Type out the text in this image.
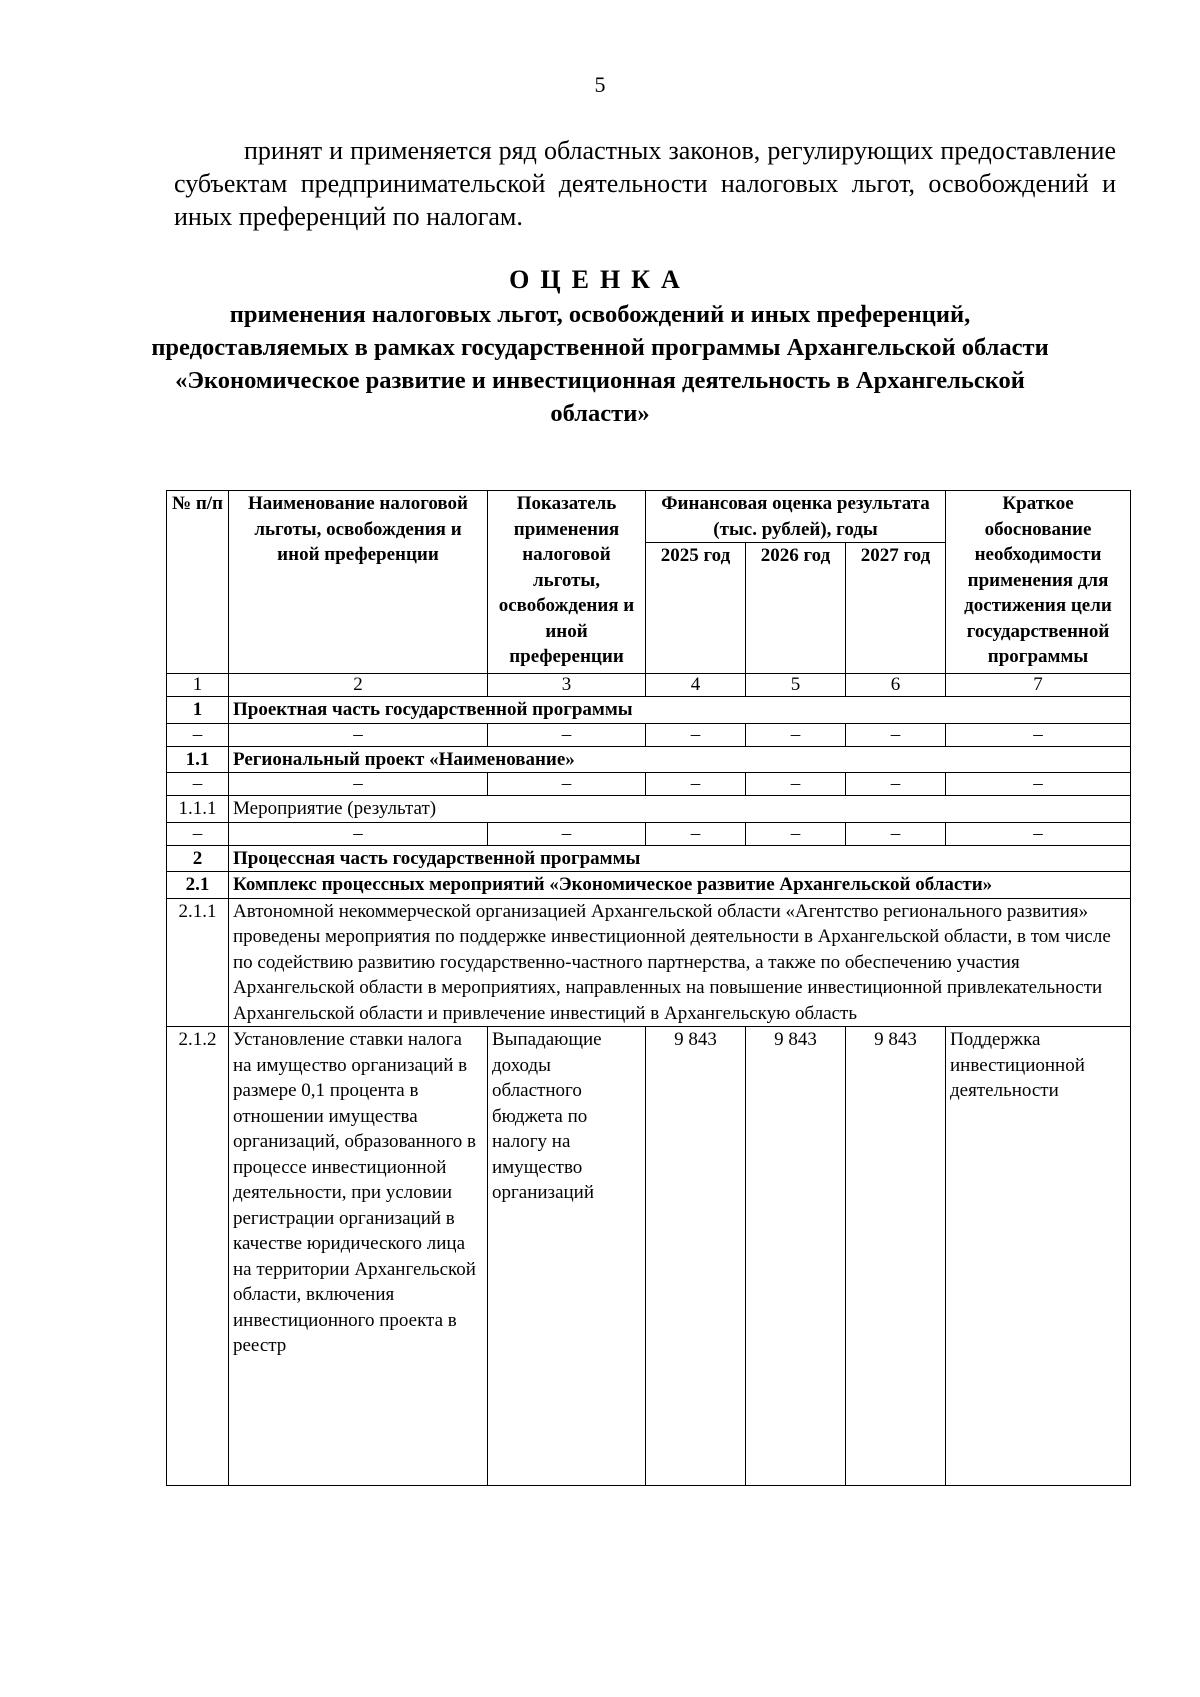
5

принят и применяется ряд областных законов, регулирующих предоставление субъектам предпринимательской деятельности налоговых льгот, освобождений и иных преференций по налогам.

ОЦЕНКА

применения налоговых льгот, освобождений и иных преференций, предоставляемых в рамках государственной программы Архангельской области «Экономическое развитие и инвестиционная деятельность в Архангельской области»

№ п/п	Наименование налоговой льготы, освобождения и иной преференции	Показатель применения налоговой льготы, освобождения и иной преференции	Финансовая оценка результата (тыс. рублей), годы			Краткое обоснование необходимости применения для достижения цели государственной программы
			2025 год	2026 год	2027 год	
1	2	3	4	5	6	7
1	Проектная часть государственной программы					
–	–	–	–	–	–	–
1.1	Региональный проект «Наименование»					
–	–	–	–	–	–	–
1.1.1	Мероприятие (результат)					
–	–	–	–	–	–	–
2	Процессная часть государственной программы					
2.1	Комплекс процессных мероприятий «Экономическое развитие Архангельской области»					
2.1.1	Автономной некоммерческой организацией Архангельской области «Агентство регионального развития» проведены мероприятия по поддержке инвестиционной деятельности в Архангельской области, в том числе по содействию развитию государственно-частного партнерства, а также по обеспечению участия Архангельской области в мероприятиях, направленных на повышение инвестиционной привлекательности Архангельской области и привлечение инвестиций в Архангельскую область					
2.1.2	Установление ставки налога на имущество организаций в размере 0,1 процента в отношении имущества организаций, образованного в процессе инвестиционной деятельности, при условии регистрации организаций в качестве юридического лица на территории Архангельской области, включения инвестиционного проекта в реестр	Выпадающие доходы областного бюджета по налогу на имущество организаций	9 843	9 843	9 843	Поддержка инвестиционной деятельности
